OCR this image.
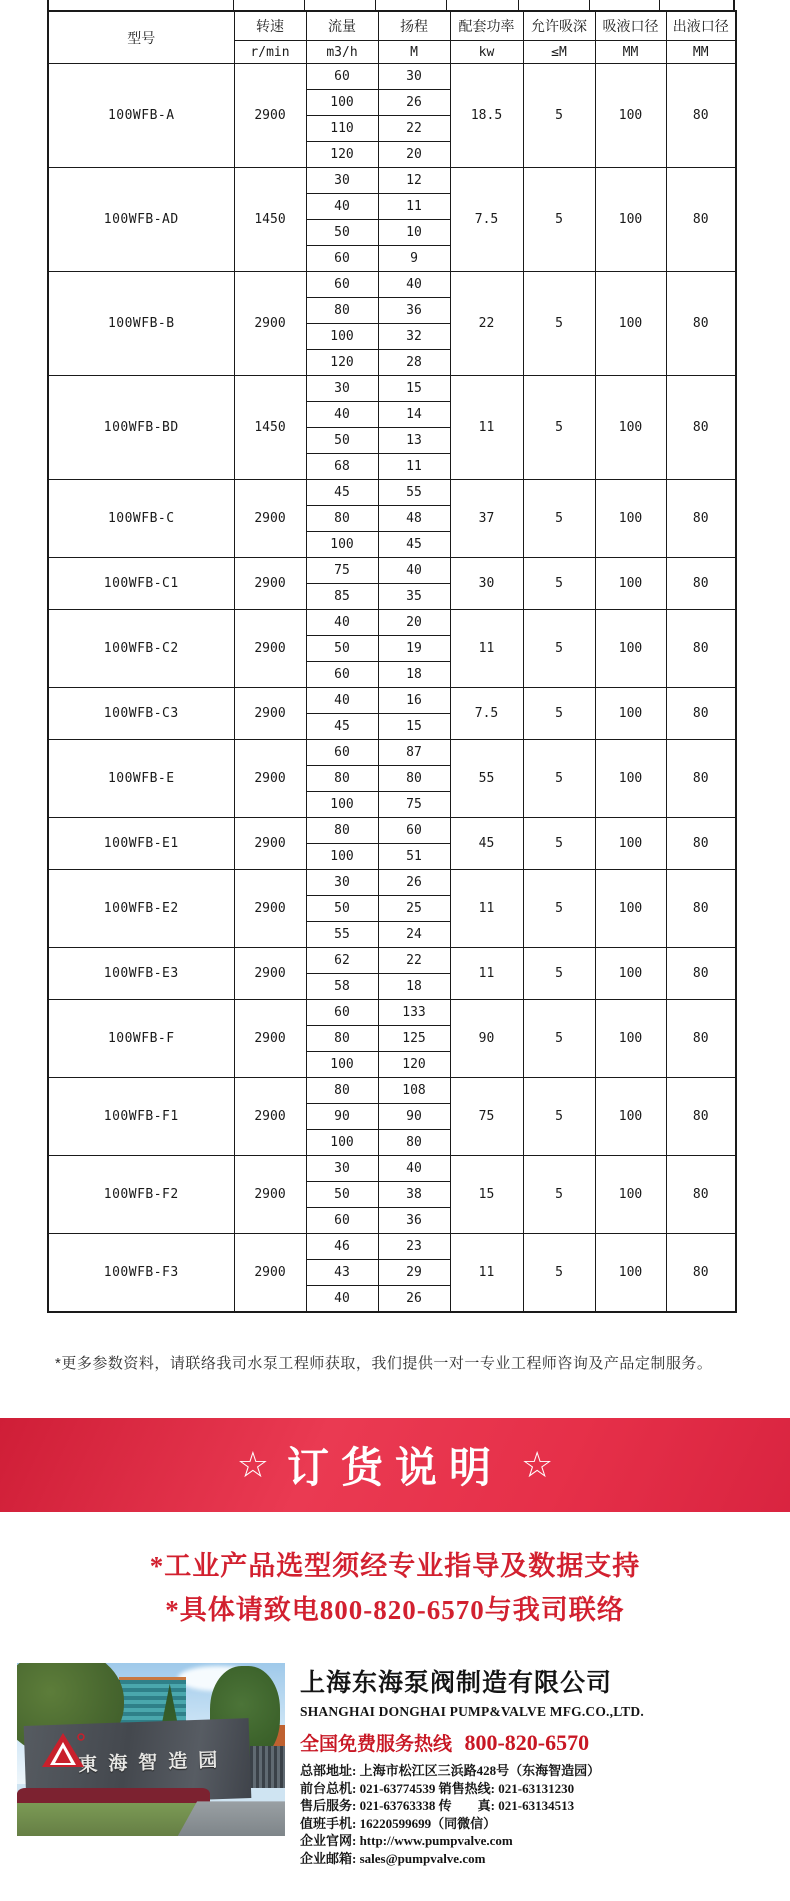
型号	转速	流量	扬程	配套功率	允许吸深	吸液口径	出液口径
	r/min	m3/h	M	kw	≤M	MM	MM
100WFB-A	2900	60	30	18.5	5	100	80
		100	26				
		110	22				
		120	20				
100WFB-AD	1450	30	12	7.5	5	100	80
		40	11				
		50	10				
		60	9				
100WFB-B	2900	60	40	22	5	100	80
		80	36				
		100	32				
		120	28				
100WFB-BD	1450	30	15	11	5	100	80
		40	14				
		50	13				
		68	11				
100WFB-C	2900	45	55	37	5	100	80
		80	48				
		100	45				
100WFB-C1	2900	75	40	30	5	100	80
		85	35				
100WFB-C2	2900	40	20	11	5	100	80
		50	19				
		60	18				
100WFB-C3	2900	40	16	7.5	5	100	80
		45	15				
100WFB-E	2900	60	87	55	5	100	80
		80	80				
		100	75				
100WFB-E1	2900	80	60	45	5	100	80
		100	51				
100WFB-E2	2900	30	26	11	5	100	80
		50	25				
		55	24				
100WFB-E3	2900	62	22	11	5	100	80
		58	18				
100WFB-F	2900	60	133	90	5	100	80
		80	125				
		100	120				
100WFB-F1	2900	80	108	75	5	100	80
		90	90				
		100	80				
100WFB-F2	2900	30	40	15	5	100	80
		50	38				
		60	36				
100WFB-F3	2900	46	23	11	5	100	80
		43	29				
		40	26				
*更多参数资料，请联络我司水泵工程师获取，我们提供一对一专业工程师咨询及产品定制服务。
☆ 订货说明 ☆
*工业产品选型须经专业指导及数据支持
*具体请致电800-820-6570与我司联络
東海智造园
上海东海泵阀制造有限公司
SHANGHAI DONGHAI PUMP&VALVE MFG.CO.,LTD.
全国免费服务热线 800-820-6570
总部地址: 上海市松江区三浜路428号（东海智造园）
前台总机: 021-63774539 销售热线: 021-63131230
售后服务: 021-63763338 传　　真: 021-63134513
值班手机: 16220599699（同微信）
企业官网: http://www.pumpvalve.com
企业邮箱: sales@pumpvalve.com
